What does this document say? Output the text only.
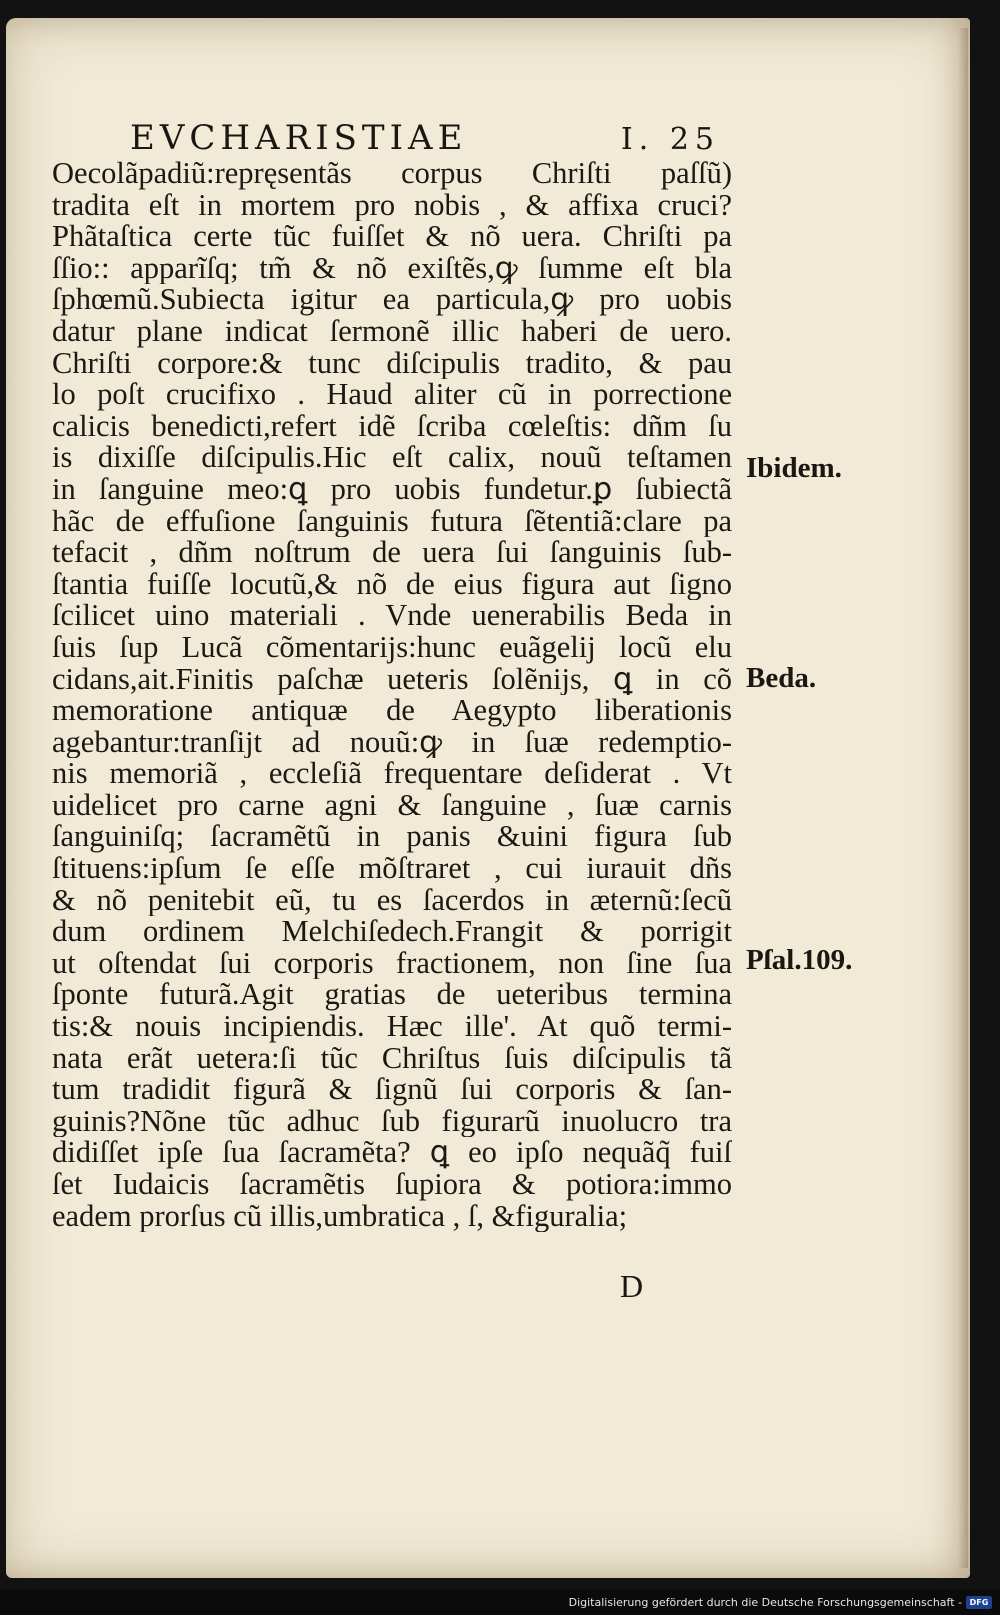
EVCHARISTIAE	I. 25
Oecolãpadiũ:repręsentãs corpus Chriſti paſſũ)
tradita eſt in mortem pro nobis , & affixa cruci?
Phãtaſtica certe tũc fuiſſet & nõ uera. Chriſti pa
ſſio:: apparĩſq; tm̃ & nõ exiſtẽs,ꝙ ſumme eſt bla
ſphœmũ.Subiecta igitur ea particula,ꝙ pro uobis
datur plane indicat ſermonẽ illic haberi de uero.
Chriſti corpore:& tunc diſcipulis tradito, & pau
lo poſt crucifixo . Haud aliter cũ in porrectione
calicis benedicti,refert idẽ ſcriba cœleſtis: dñm ſu
is dixiſſe diſcipulis.Hic eſt calix, nouũ teſtamen
in ſanguine meo:ꝗ pro uobis fundetur.ꝑ ſubiectã
hãc de effuſione ſanguinis futura ſẽtentiã:clare pa
tefacit , dñm noſtrum de uera ſui ſanguinis ſub-
ſtantia fuiſſe locutũ,& nõ de eius figura aut ſigno
ſcilicet uino materiali . Vnde uenerabilis Beda in
ſuis ſup Lucã cõmentarijs:hunc euãgelij locũ elu
cidans,ait.Finitis paſchæ ueteris ſolẽnijs, ꝗ in cõ
memoratione antiquæ de Aegypto liberationis
agebantur:tranſijt ad nouũ:ꝙ in ſuæ redemptio-
nis memoriã , eccleſiã frequentare deſiderat . Vt
uidelicet pro carne agni & ſanguine , ſuæ carnis
ſanguiniſq; ſacramẽtũ in panis &uini figura ſub
ſtituens:ipſum ſe eſſe mõſtraret , cui iurauit dñs
& nõ penitebit eũ, tu es ſacerdos in æternũ:ſecũ
dum ordinem Melchiſedech.Frangit & porrigit
ut oſtendat ſui corporis fractionem, non ſine ſua
ſponte futurã.Agit gratias de ueteribus termina
tis:& nouis incipiendis. Hæc ille'. At quõ termi-
nata erãt uetera:ſi tũc Chriſtus ſuis diſcipulis tã
tum tradidit figurã & ſignũ ſui corporis & ſan-
guinis?Nõne tũc adhuc ſub figurarũ inuolucro tra
didiſſet ipſe ſua ſacramẽta? ꝗ eo ipſo nequãq̃ fuiſ
ſet Iudaicis ſacramẽtis ſupiora & potiora:immo
eadem prorſus cũ illis,umbratica , ſ, &figuralia;
D
Ibidem.
Beda.
Pſal.109.
Digitalisierung gefördert durch die Deutsche Forschungsgemeinschaft - DFG
